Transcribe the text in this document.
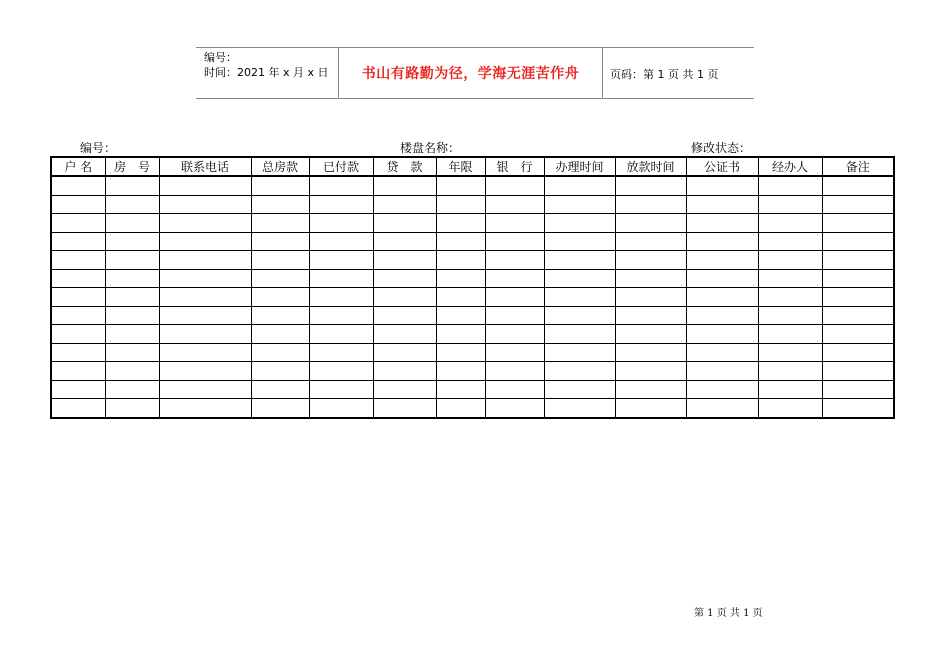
编号：
时间：2021 年 x 月 x 日	书山有路勤为径，学海无涯苦作舟	页码：第 1 页 共 1 页
编号：	楼盘名称：	修改状态：
户 名	房　号	联系电话	总房款	已付款	贷　款	年限	银　行	办理时间	放款时间	公证书	经办人	备注

第 1 页 共 1 页
